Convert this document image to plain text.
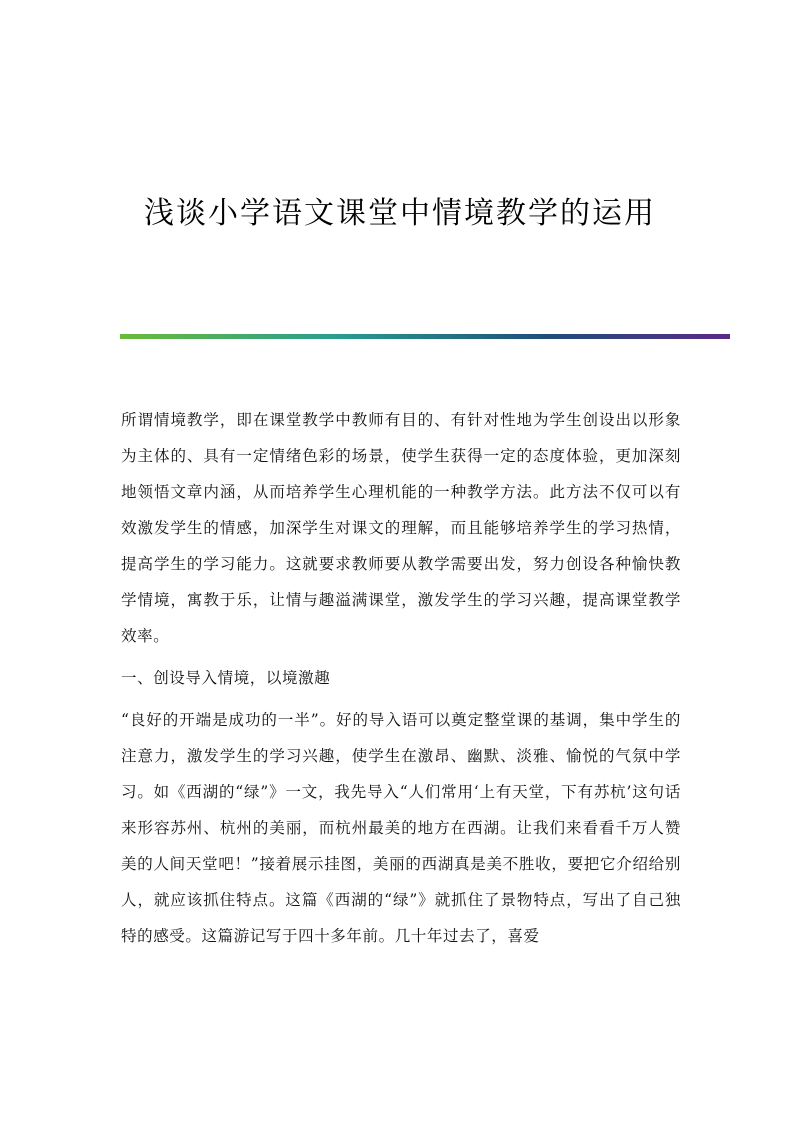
浅谈小学语文课堂中情境教学的运用

所谓情境教学，即在课堂教学中教师有目的、有针对性地为学生创设出以形象为主体的、具有一定情绪色彩的场景，使学生获得一定的态度体验，更加深刻地领悟文章内涵，从而培养学生心理机能的一种教学方法。此方法不仅可以有效激发学生的情感，加深学生对课文的理解，而且能够培养学生的学习热情，提高学生的学习能力。这就要求教师要从教学需要出发，努力创设各种愉快教学情境，寓教于乐，让情与趣溢满课堂，激发学生的学习兴趣，提高课堂教学效率。

一、创设导入情境，以境激趣

“良好的开端是成功的一半”。好的导入语可以奠定整堂课的基调，集中学生的注意力，激发学生的学习兴趣，使学生在激昂、幽默、淡雅、愉悦的气氛中学习。如《西湖的“绿”》一文，我先导入“人们常用‘上有天堂，下有苏杭’这句话来形容苏州、杭州的美丽，而杭州最美的地方在西湖。让我们来看看千万人赞美的人间天堂吧！”接着展示挂图，美丽的西湖真是美不胜收，要把它介绍给别人，就应该抓住特点。这篇《西湖的“绿”》就抓住了景物特点，写出了自己独特的感受。这篇游记写于四十多年前。几十年过去了，喜爱
